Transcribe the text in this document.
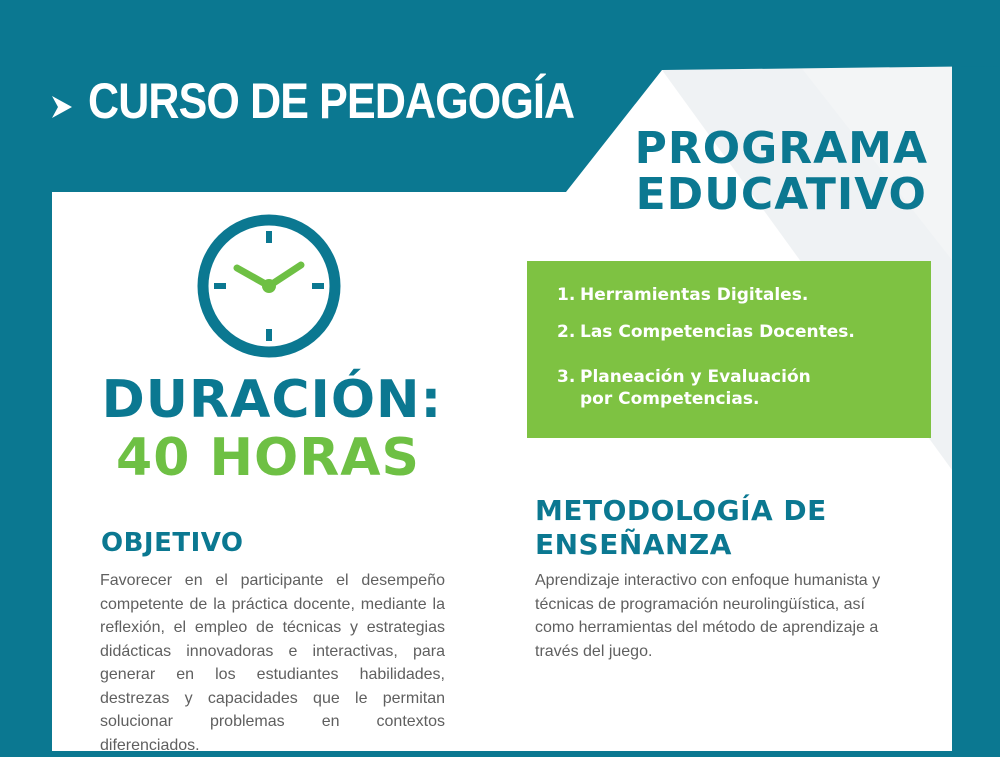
CURSO DE PEDAGOGÍA
PROGRAMA
EDUCATIVO
DURACIÓN:
40 HORAS
OBJETIVO

Favorecer en el participante el desempeño competente de la práctica docente, mediante la reflexión, el empleo de técnicas y estrategias didácticas innovadoras e interactivas, para generar en los estudiantes habilidades, destrezas y capacidades que le permitan solucionar problemas en contextos diferenciados.

1. Herramientas Digitales.
2. Las Competencias Docentes.
3. Planeación y Evaluación
por Competencias.
METODOLOGÍA DE
ENSEÑANZA

Aprendizaje interactivo con enfoque humanista y técnicas de programación neurolingüística, así como herramientas del método de aprendizaje a través del juego.
